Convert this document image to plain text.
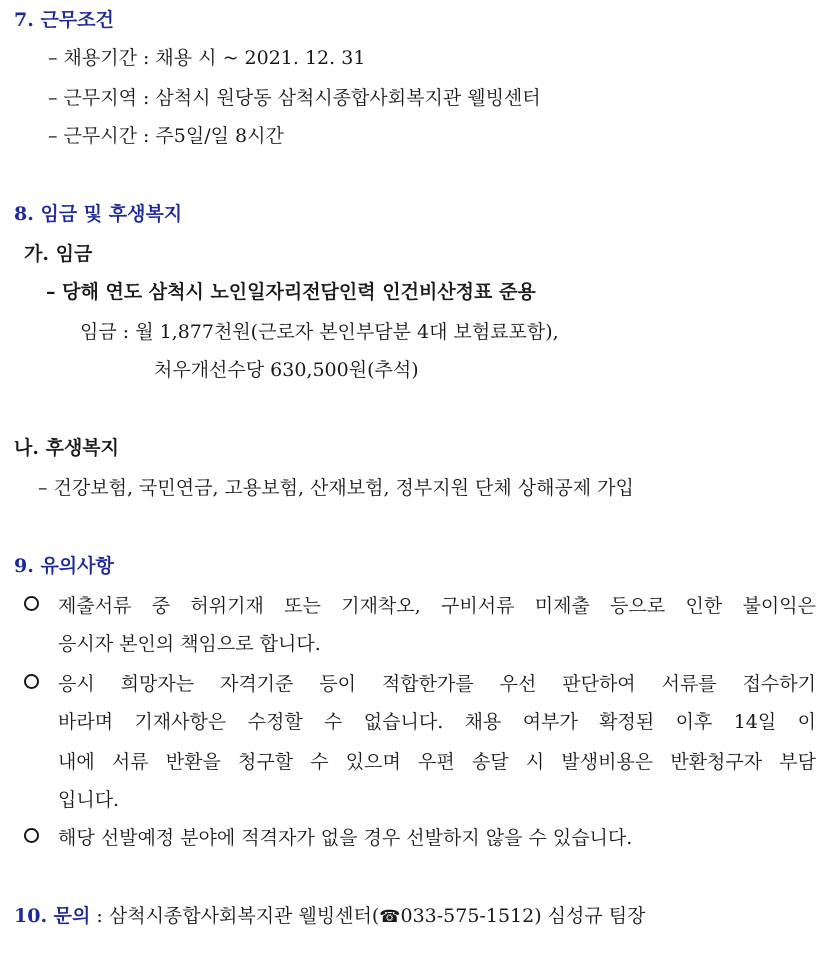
7. 근무조건
– 채용기간 : 채용 시 ~ 2021. 12. 31
– 근무지역 : 삼척시 원당동 삼척시종합사회복지관 웰빙센터
– 근무시간 : 주5일/일 8시간
8. 임금 및 후생복지
가. 임금
– 당해 연도 삼척시 노인일자리전담인력 인건비산정표 준용
임금 : 월 1,877천원(근로자 본인부담분 4대 보험료포함),
처우개선수당 630,500원(추석)
나. 후생복지
– 건강보험, 국민연금, 고용보험, 산재보험, 정부지원 단체 상해공제 가입
9. 유의사항
제출서류 중 허위기재 또는 기재착오, 구비서류 미제출 등으로 인한 불이익은
응시자 본인의 책임으로 합니다.
응시 희망자는 자격기준 등이 적합한가를 우선 판단하여 서류를 접수하기
바라며 기재사항은 수정할 수 없습니다. 채용 여부가 확정된 이후 14일 이
내에 서류 반환을 청구할 수 있으며 우편 송달 시 발생비용은 반환청구자 부담
입니다.
해당 선발예정 분야에 적격자가 없을 경우 선발하지 않을 수 있습니다.
10. 문의 : 삼척시종합사회복지관 웰빙센터(☎033-575-1512) 심성규 팀장
